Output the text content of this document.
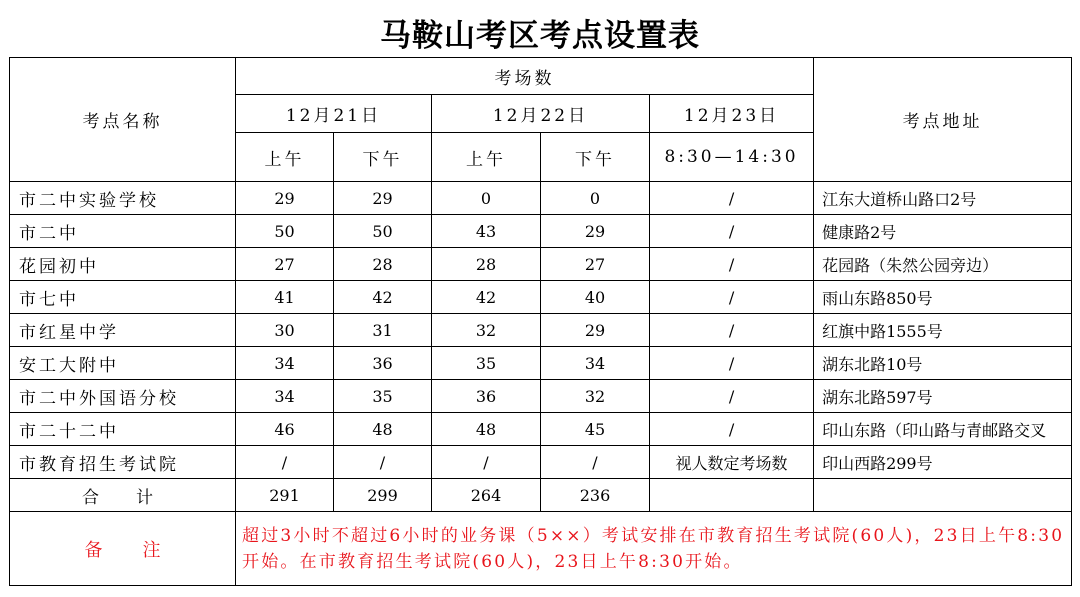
马鞍山考区考点设置表
考点名称	考场数					考点地址
	12月21日		12月22日		12月23日	
	上午	下午	上午	下午	8:30—14:30	
市二中实验学校	29	29	0	0	/	江东大道桥山路口2号
市二中	50	50	43	29	/	健康路2号
花园初中	27	28	28	27	/	花园路（朱然公园旁边）
市七中	41	42	42	40	/	雨山东路850号
市红星中学	30	31	32	29	/	红旗中路1555号
安工大附中	34	36	35	34	/	湖东北路10号
市二中外国语分校	34	35	36	32	/	湖东北路597号
市二十二中	46	48	48	45	/	印山东路（印山路与青邮路交叉
市教育招生考试院	/	/	/	/	视人数定考场数	印山西路299号
合　计	291	299	264	236		
备注	超过3小时不超过6小时的业务课（5××）考试安排在市教育招生考试院(60人)，23日上午8:30开始。在市教育招生考试院(60人)，23日上午8:30开始。					
